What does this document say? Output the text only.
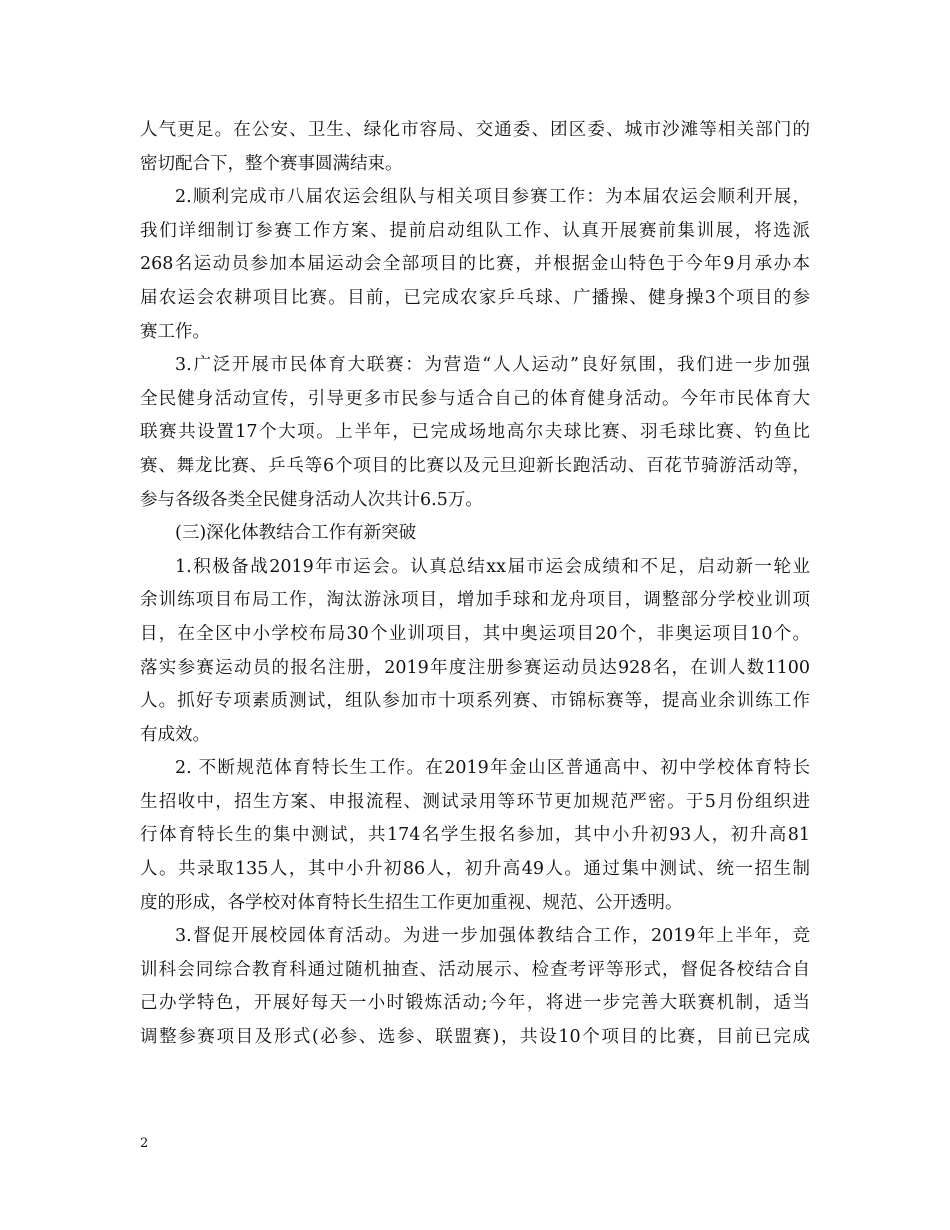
人气更足。在公安、卫生、绿化市容局、交通委、团区委、城市沙滩等相关部门的
密切配合下，整个赛事圆满结束。
2.顺利完成市八届农运会组队与相关项目参赛工作：为本届农运会顺利开展，
我们详细制订参赛工作方案、提前启动组队工作、认真开展赛前集训展，将选派
268名运动员参加本届运动会全部项目的比赛，并根据金山特色于今年9月承办本
届农运会农耕项目比赛。目前，已完成农家乒乓球、广播操、健身操3个项目的参
赛工作。
3.广泛开展市民体育大联赛：为营造“人人运动”良好氛围，我们进一步加强
全民健身活动宣传，引导更多市民参与适合自己的体育健身活动。今年市民体育大
联赛共设置17个大项。上半年，已完成场地高尔夫球比赛、羽毛球比赛、钓鱼比
赛、舞龙比赛、乒乓等6个项目的比赛以及元旦迎新长跑活动、百花节骑游活动等，
参与各级各类全民健身活动人次共计6.5万。
(三)深化体教结合工作有新突破
1.积极备战2019年市运会。认真总结xx届市运会成绩和不足，启动新一轮业
余训练项目布局工作，淘汰游泳项目，增加手球和龙舟项目，调整部分学校业训项
目，在全区中小学校布局30个业训项目，其中奥运项目20个，非奥运项目10个。
落实参赛运动员的报名注册，2019年度注册参赛运动员达928名，在训人数1100
人。抓好专项素质测试，组队参加市十项系列赛、市锦标赛等，提高业余训练工作
有成效。
2. 不断规范体育特长生工作。在2019年金山区普通高中、初中学校体育特长
生招收中，招生方案、申报流程、测试录用等环节更加规范严密。于5月份组织进
行体育特长生的集中测试，共174名学生报名参加，其中小升初93人，初升高81
人。共录取135人，其中小升初86人，初升高49人。通过集中测试、统一招生制
度的形成，各学校对体育特长生招生工作更加重视、规范、公开透明。
3.督促开展校园体育活动。为进一步加强体教结合工作，2019年上半年，竞
训科会同综合教育科通过随机抽查、活动展示、检查考评等形式，督促各校结合自
己办学特色，开展好每天一小时锻炼活动;今年，将进一步完善大联赛机制，适当
调整参赛项目及形式(必参、选参、联盟赛)，共设10个项目的比赛，目前已完成
2
